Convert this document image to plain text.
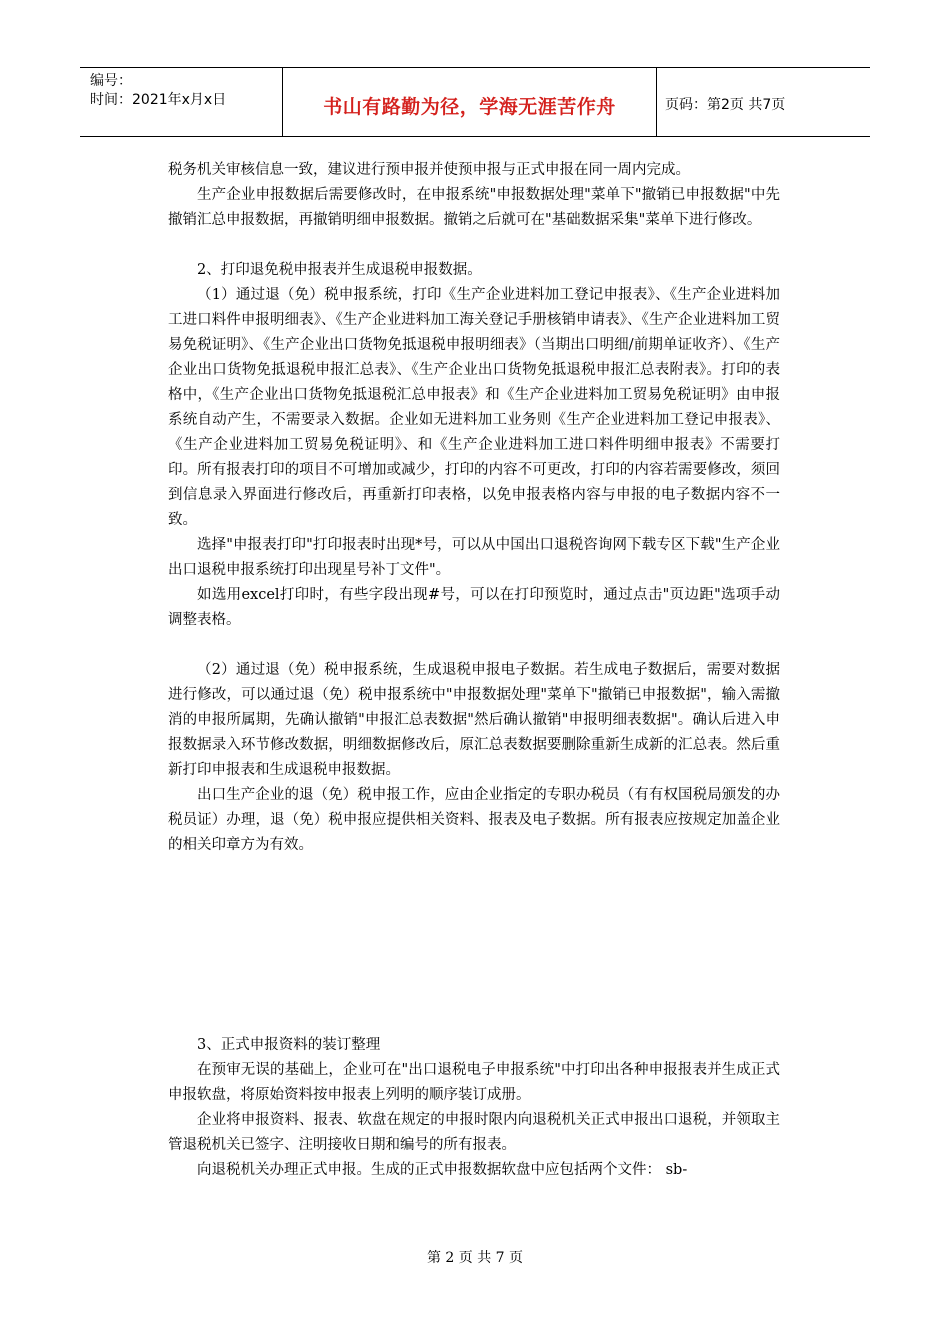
编号：
时间：2021年x月x日	书山有路勤为径，学海无涯苦作舟	页码：第2页 共7页

税务机关审核信息一致，建议进行预申报并使预申报与正式申报在同一周内完成。

生产企业申报数据后需要修改时，在申报系统"申报数据处理"菜单下"撤销已申报数据"中先撤销汇总申报数据，再撤销明细申报数据。撤销之后就可在"基础数据采集"菜单下进行修改。

2、打印退免税申报表并生成退税申报数据。

（1）通过退（免）税申报系统，打印《生产企业进料加工登记申报表》、《生产企业进料加工进口料件申报明细表》、《生产企业进料加工海关登记手册核销申请表》、《生产企业进料加工贸易免税证明》、《生产企业出口货物免抵退税申报明细表》（当期出口明细/前期单证收齐）、《生产企业出口货物免抵退税申报汇总表》、《生产企业出口货物免抵退税申报汇总表附表》。打印的表格中，《生产企业出口货物免抵退税汇总申报表》和《生产企业进料加工贸易免税证明》由申报系统自动产生，不需要录入数据。企业如无进料加工业务则《生产企业进料加工登记申报表》、《生产企业进料加工贸易免税证明》、和《生产企业进料加工进口料件明细申报表》不需要打印。所有报表打印的项目不可增加或减少，打印的内容不可更改，打印的内容若需要修改，须回到信息录入界面进行修改后，再重新打印表格，以免申报表格内容与申报的电子数据内容不一致。

选择"申报表打印"打印报表时出现*号，可以从中国出口退税咨询网下载专区下载"生产企业出口退税申报系统打印出现星号补丁文件"。

如选用excel打印时，有些字段出现#号，可以在打印预览时，通过点击"页边距"选项手动调整表格。

（2）通过退（免）税申报系统，生成退税申报电子数据。若生成电子数据后，需要对数据进行修改，可以通过退（免）税申报系统中"申报数据处理"菜单下"撤销已申报数据"，输入需撤消的申报所属期，先确认撤销"申报汇总表数据"然后确认撤销"申报明细表数据"。确认后进入申报数据录入环节修改数据，明细数据修改后，原汇总表数据要删除重新生成新的汇总表。然后重新打印申报表和生成退税申报数据。

出口生产企业的退（免）税申报工作，应由企业指定的专职办税员（有有权国税局颁发的办税员证）办理，退（免）税申报应提供相关资料、报表及电子数据。所有报表应按规定加盖企业的相关印章方为有效。

3、正式申报资料的装订整理

在预审无误的基础上，企业可在"出口退税电子申报系统"中打印出各种申报报表并生成正式申报软盘，将原始资料按申报表上列明的顺序装订成册。

企业将申报资料、报表、软盘在规定的申报时限内向退税机关正式申报出口退税，并领取主管退税机关已签字、注明接收日期和编号的所有报表。

向退税机关办理正式申报。生成的正式申报数据软盘中应包括两个文件： sb-

第 2 页 共 7 页
